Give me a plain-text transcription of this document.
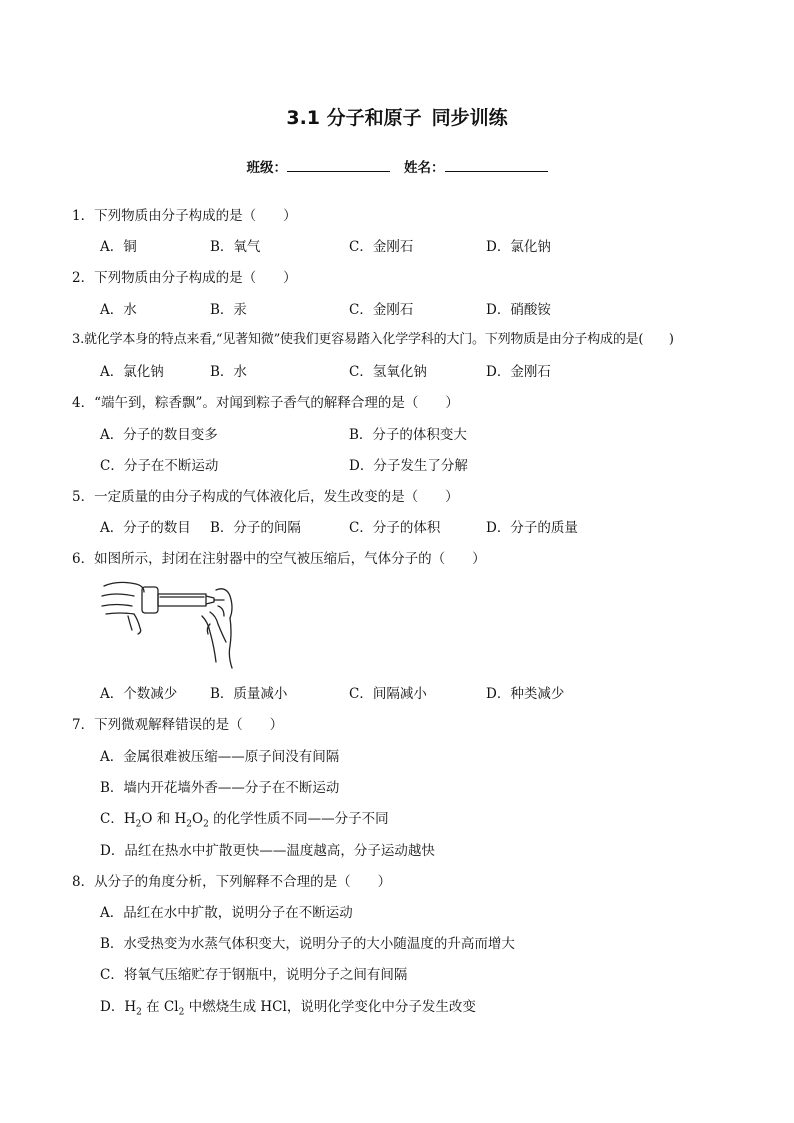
3.1 分子和原子 同步训练
班级：	姓名：
1．下列物质由分子构成的是（　　）
A．铜	B．氧气	C．金刚石	D．氯化钠
2．下列物质由分子构成的是（　　）
A．水	B．汞	C．金刚石	D．硝酸铵
3.就化学本身的特点来看,“见著知微”使我们更容易踏入化学学科的大门。下列物质是由分子构成的是(　　)
A．氯化钠	B．水	C．氢氧化钠	D．金刚石
4．“端午到，粽香飘”。对闻到粽子香气的解释合理的是（　　）
A．分子的数目变多	B．分子的体积变大
C．分子在不断运动	D．分子发生了分解
5．一定质量的由分子构成的气体液化后，发生改变的是（　　）
A．分子的数目 B．分子的间隔	C．分子的体积	D．分子的质量
6．如图所示，封闭在注射器中的空气被压缩后，气体分子的（　　）
A．个数减少 B．质量减小	C．间隔减小	D．种类减少
7．下列微观解释错误的是（　　）
A．金属很难被压缩——原子间没有间隔
B．墙内开花墙外香——分子在不断运动
C．$H_2O$ 和 $H_2O_2$ 的化学性质不同——分子不同
D．品红在热水中扩散更快——温度越高，分子运动越快
8．从分子的角度分析，下列解释不合理的是（　　）
A．品红在水中扩散，说明分子在不断运动
B．水受热变为水蒸气体积变大，说明分子的大小随温度的升高而增大
C．将氧气压缩贮存于钢瓶中，说明分子之间有间隔
D．$H_2$ 在 $Cl_2$ 中燃烧生成 HCl，说明化学变化中分子发生改变
